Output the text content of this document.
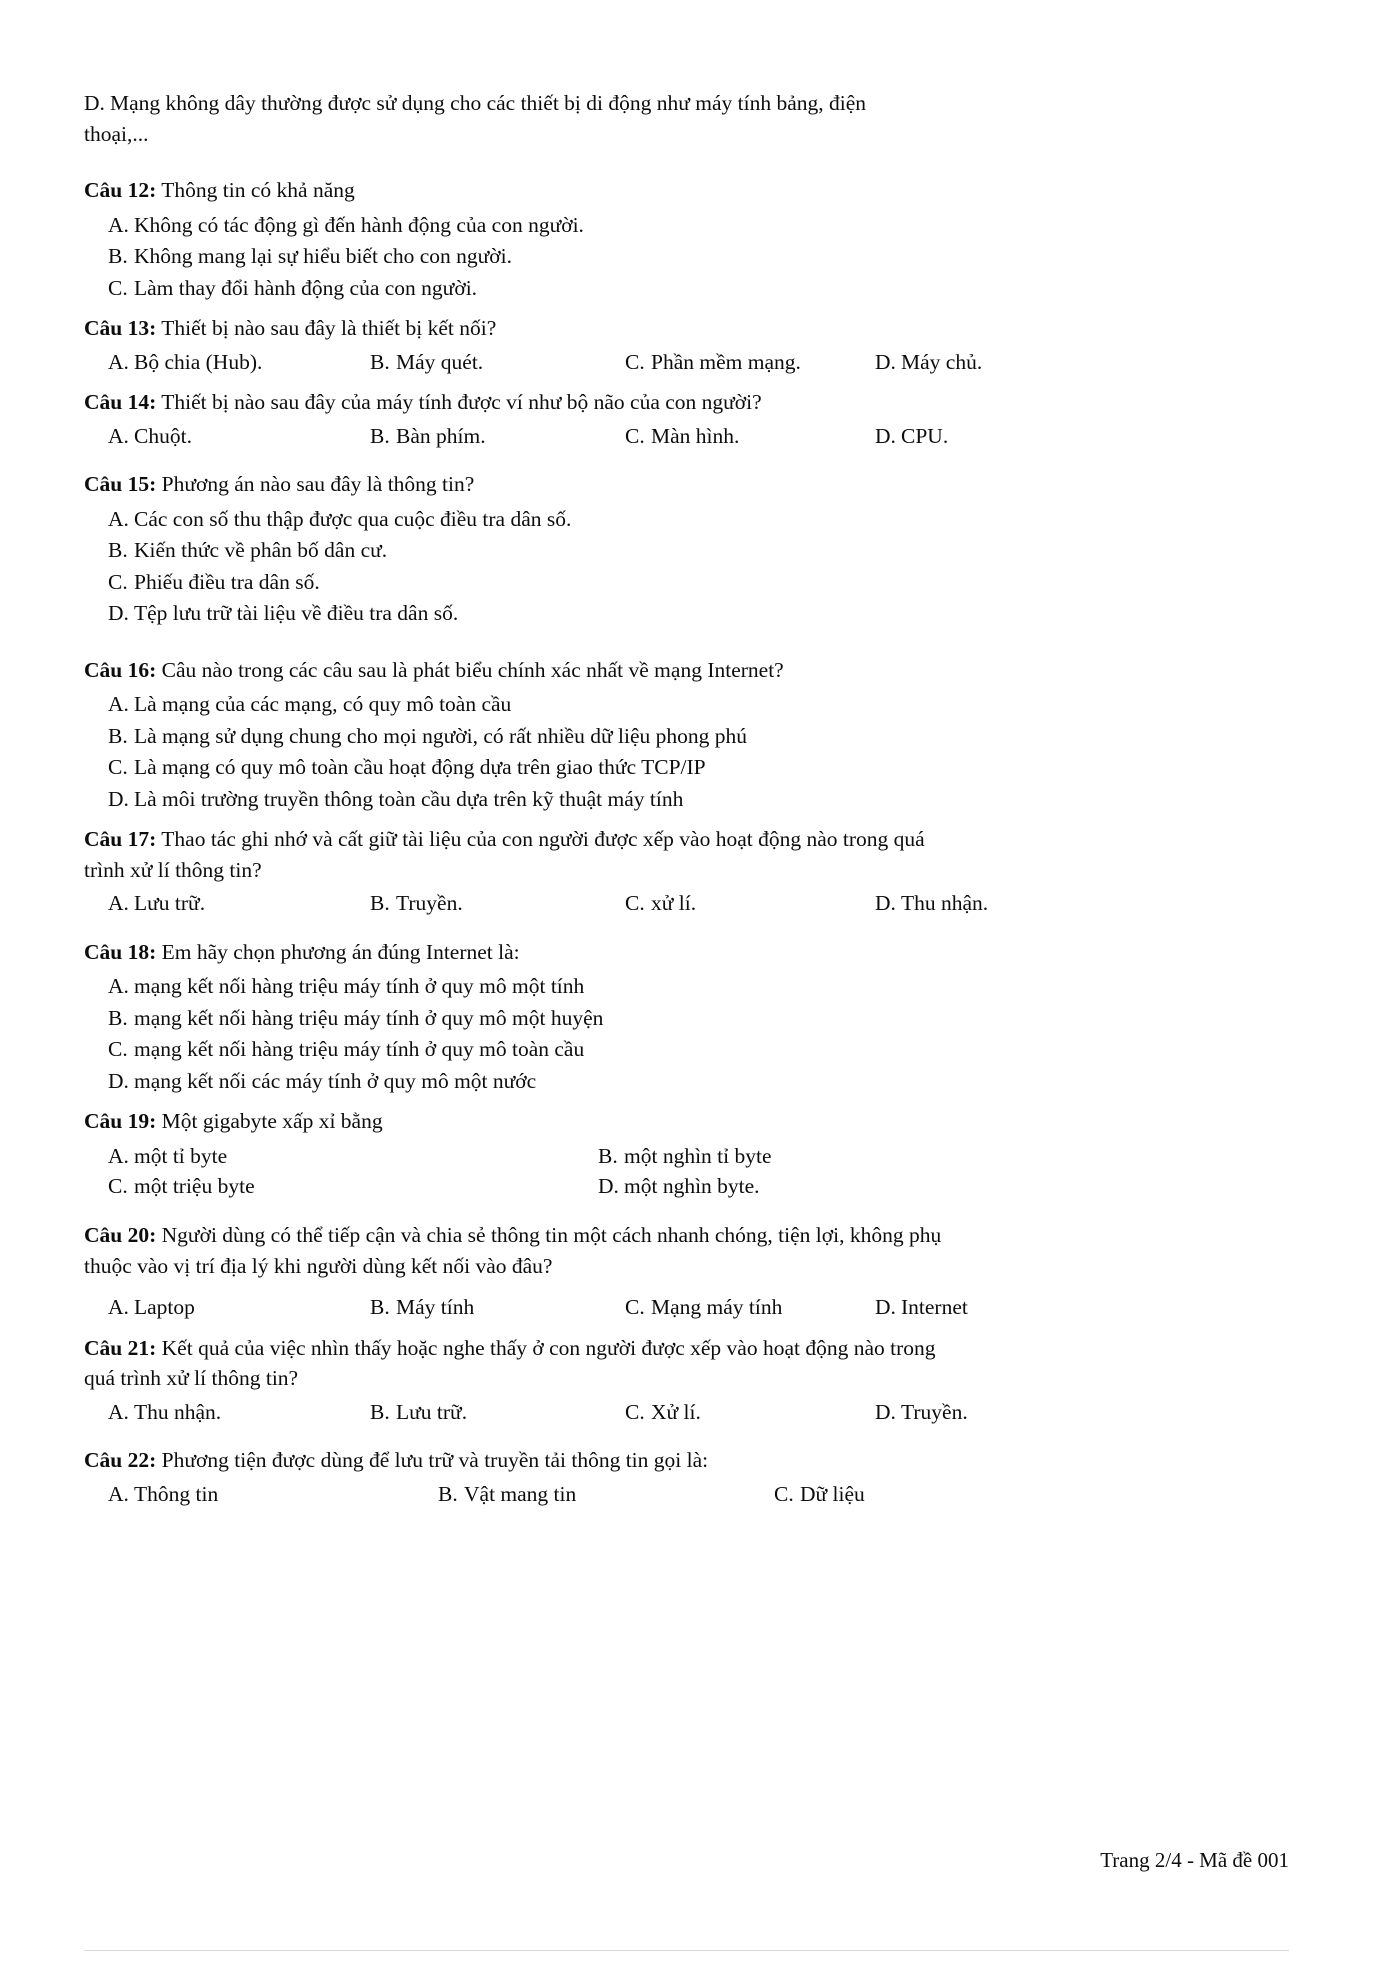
D. Mạng không dây thường được sử dụng cho các thiết bị di động như máy tính bảng, điện
thoại,...
Câu 12: Thông tin có khả năng
A. Không có tác động gì đến hành động của con người.
B. Không mang lại sự hiểu biết cho con người.
C. Làm thay đổi hành động của con người.
Câu 13: Thiết bị nào sau đây là thiết bị kết nối?
A. Bộ chia (Hub).	B. Máy quét.	C. Phần mềm mạng.	D. Máy chủ.
Câu 14: Thiết bị nào sau đây của máy tính được ví như bộ não của con người?
A. Chuột.	B. Bàn phím.	C. Màn hình.	D. CPU.
Câu 15: Phương án nào sau đây là thông tin?
A. Các con số thu thập được qua cuộc điều tra dân số.
B. Kiến thức về phân bố dân cư.
C. Phiếu điều tra dân số.
D. Tệp lưu trữ tài liệu về điều tra dân số.
Câu 16: Câu nào trong các câu sau là phát biểu chính xác nhất về mạng Internet?
A. Là mạng của các mạng, có quy mô toàn cầu
B. Là mạng sử dụng chung cho mọi người, có rất nhiều dữ liệu phong phú
C. Là mạng có quy mô toàn cầu hoạt động dựa trên giao thức TCP/IP
D. Là môi trường truyền thông toàn cầu dựa trên kỹ thuật máy tính
Câu 17: Thao tác ghi nhớ và cất giữ tài liệu của con người được xếp vào hoạt động nào trong quá
trình xử lí thông tin?
A. Lưu trữ.	B. Truyền.	C. xử lí.	D. Thu nhận.
Câu 18: Em hãy chọn phương án đúng Internet là:
A. mạng kết nối hàng triệu máy tính ở quy mô một tính
B. mạng kết nối hàng triệu máy tính ở quy mô một huyện
C. mạng kết nối hàng triệu máy tính ở quy mô toàn cầu
D. mạng kết nối các máy tính ở quy mô một nước
Câu 19: Một gigabyte xấp xỉ bằng
A. một tỉ byte	B. một nghìn tỉ byte
C. một triệu byte	D. một nghìn byte.
Câu 20: Người dùng có thể tiếp cận và chia sẻ thông tin một cách nhanh chóng, tiện lợi, không phụ
thuộc vào vị trí địa lý khi người dùng kết nối vào đâu?
A. Laptop	B. Máy tính	C. Mạng máy tính	D. Internet
Câu 21: Kết quả của việc nhìn thấy hoặc nghe thấy ở con người được xếp vào hoạt động nào trong
quá trình xử lí thông tin?
A. Thu nhận.	B. Lưu trữ.	C. Xử lí.	D. Truyền.
Câu 22: Phương tiện được dùng để lưu trữ và truyền tải thông tin gọi là:
A. Thông tin	B. Vật mang tin	C. Dữ liệu
Trang 2/4 - Mã đề 001
